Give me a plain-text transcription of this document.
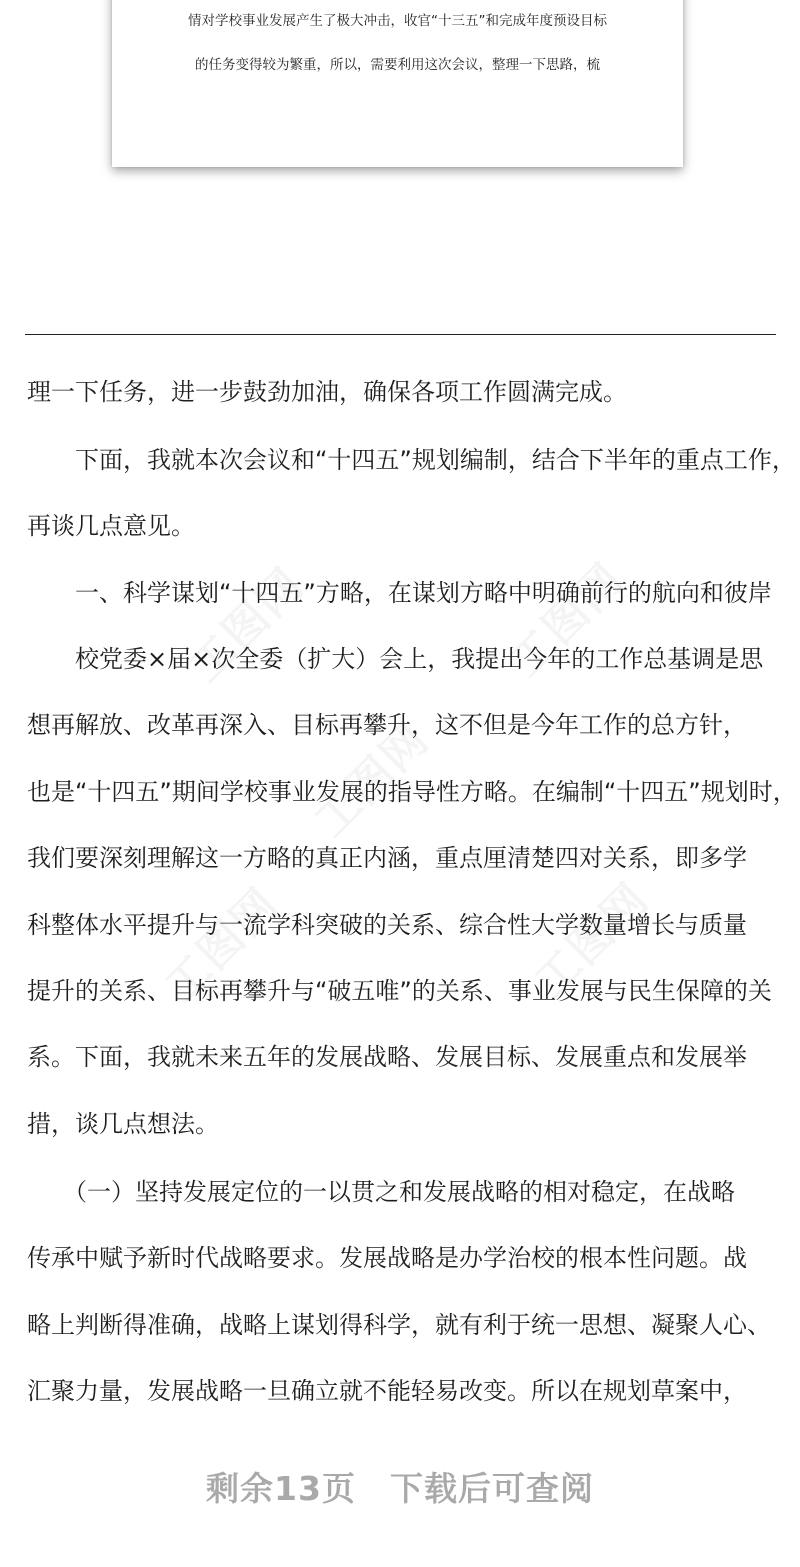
情对学校事业发展产生了极大冲击，收官“十三五”和完成年度预设目标
的任务变得较为繁重，所以，需要利用这次会议，整理一下思路，梳
理一下任务，进一步鼓劲加油，确保各项工作圆满完成。
　　下面，我就本次会议和“十四五”规划编制，结合下半年的重点工作，
再谈几点意见。
　　一、科学谋划“十四五”方略，在谋划方略中明确前行的航向和彼岸
　　校党委×届×次全委（扩大）会上，我提出今年的工作总基调是思
想再解放、改革再深入、目标再攀升，这不但是今年工作的总方针，
也是“十四五”期间学校事业发展的指导性方略。在编制“十四五”规划时，
我们要深刻理解这一方略的真正内涵，重点厘清楚四对关系，即多学
科整体水平提升与一流学科突破的关系、综合性大学数量增长与质量
提升的关系、目标再攀升与“破五唯”的关系、事业发展与民生保障的关
系。下面，我就未来五年的发展战略、发展目标、发展重点和发展举
措，谈几点想法。
　　（一）坚持发展定位的一以贯之和发展战略的相对稳定，在战略
传承中赋予新时代战略要求。发展战略是办学治校的根本性问题。战
略上判断得准确，战略上谋划得科学，就有利于统一思想、凝聚人心、
汇聚力量，发展战略一旦确立就不能轻易改变。所以在规划草案中，
剩余13页　下载后可查阅
